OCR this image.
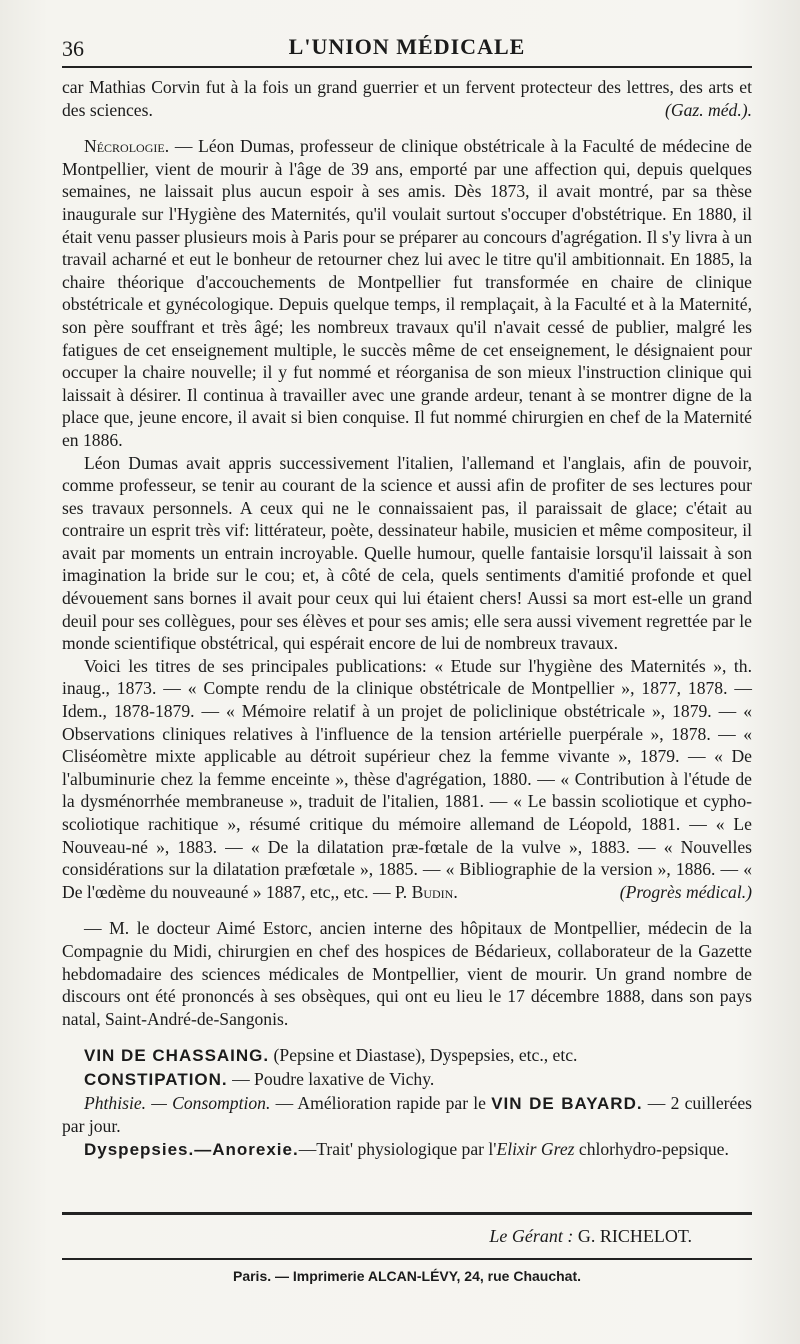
36	L'UNION MÉDICALE

car Mathias Corvin fut à la fois un grand guerrier et un fervent protecteur des lettres, des arts et des sciences.	(Gaz. méd.).

Nécrologie. — Léon Dumas, professeur de clinique obstétricale à la Faculté de médecine de Montpellier, vient de mourir à l'âge de 39 ans, emporté par une affection qui, depuis quelques semaines, ne laissait plus aucun espoir à ses amis. Dès 1873, il avait montré, par sa thèse inaugurale sur l'Hygiène des Maternités, qu'il voulait surtout s'occuper d'obstétrique. En 1880, il était venu passer plusieurs mois à Paris pour se préparer au concours d'agrégation. Il s'y livra à un travail acharné et eut le bonheur de retourner chez lui avec le titre qu'il ambitionnait. En 1885, la chaire théorique d'accouchements de Montpellier fut transformée en chaire de clinique obstétricale et gynécologique. Depuis quelque temps, il remplaçait, à la Faculté et à la Maternité, son père souffrant et très âgé; les nombreux travaux qu'il n'avait cessé de publier, malgré les fatigues de cet enseignement multiple, le succès même de cet enseignement, le désignaient pour occuper la chaire nouvelle; il y fut nommé et réorganisa de son mieux l'instruction clinique qui laissait à désirer. Il continua à travailler avec une grande ardeur, tenant à se montrer digne de la place que, jeune encore, il avait si bien conquise. Il fut nommé chirurgien en chef de la Maternité en 1886.

Léon Dumas avait appris successivement l'italien, l'allemand et l'anglais, afin de pouvoir, comme professeur, se tenir au courant de la science et aussi afin de profiter de ses lectures pour ses travaux personnels. A ceux qui ne le connaissaient pas, il paraissait de glace; c'était au contraire un esprit très vif: littérateur, poète, dessinateur habile, musicien et même compositeur, il avait par moments un entrain incroyable. Quelle humour, quelle fantaisie lorsqu'il laissait à son imagination la bride sur le cou; et, à côté de cela, quels sentiments d'amitié profonde et quel dévouement sans bornes il avait pour ceux qui lui étaient chers! Aussi sa mort est-elle un grand deuil pour ses collègues, pour ses élèves et pour ses amis; elle sera aussi vivement regrettée par le monde scientifique obstétrical, qui espérait encore de lui de nombreux travaux.

Voici les titres de ses principales publications: « Etude sur l'hygiène des Maternités », th. inaug., 1873. — « Compte rendu de la clinique obstétricale de Montpellier », 1877, 1878. — Idem., 1878-1879. — « Mémoire relatif à un projet de policlinique obstétricale », 1879. — « Observations cliniques relatives à l'influence de la tension artérielle puerpérale », 1878. — « Cliséomètre mixte applicable au détroit supérieur chez la femme vivante », 1879. — « De l'albuminurie chez la femme enceinte », thèse d'agrégation, 1880. — « Contribution à l'étude de la dysménorrhée membraneuse », traduit de l'italien, 1881. — « Le bassin scoliotique et cypho-scoliotique rachitique », résumé critique du mémoire allemand de Léopold, 1881. — « Le Nouveau-né », 1883. — « De la dilatation præ-fœtale de la vulve », 1883. — « Nouvelles considérations sur la dilatation præfœtale », 1885. — « Bibliographie de la version », 1886. — « De l'œdème du nouveauné » 1887, etc,, etc. — P. Budin.	(Progrès médical.)

— M. le docteur Aimé Estorc, ancien interne des hôpitaux de Montpellier, médecin de la Compagnie du Midi, chirurgien en chef des hospices de Bédarieux, collaborateur de la Gazette hebdomadaire des sciences médicales de Montpellier, vient de mourir. Un grand nombre de discours ont été prononcés à ses obsèques, qui ont eu lieu le 17 décembre 1888, dans son pays natal, Saint-André-de-Sangonis.

VIN DE CHASSAING. (Pepsine et Diastase), Dyspepsies, etc., etc.

CONSTIPATION. — Poudre laxative de Vichy.

Phthisie. — Consomption. — Amélioration rapide par le VIN DE BAYARD. — 2 cuillerées par jour.

Dyspepsies.—Anorexie.—Trait' physiologique par l'Elixir Grez chlorhydro-pepsique.

Le Gérant : G. RICHELOT.
Paris. — Imprimerie ALCAN-LÉVY, 24, rue Chauchat.
